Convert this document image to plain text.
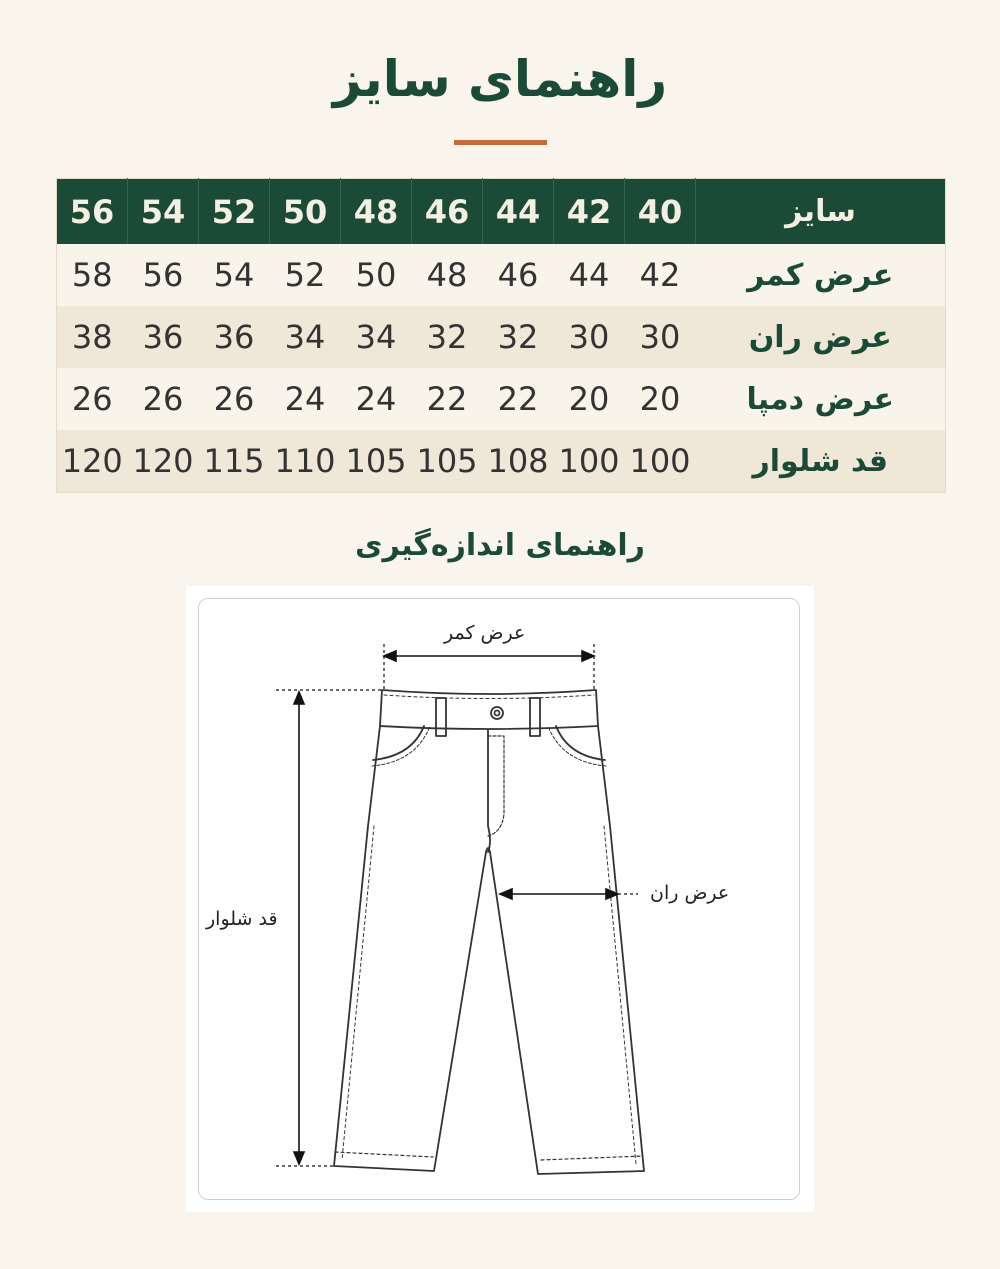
راهنمای سایز
56	54	52	50	48	46	44	42	40	سایز
58	56	54	52	50	48	46	44	42	عرض کمر
38	36	36	34	34	32	32	30	30	عرض ران
26	26	26	24	24	22	22	20	20	عرض دمپا
120	120	115	110	105	105	108	100	100	قد شلوار
راهنمای اندازه‌گیری
عرض کمر
عرض ران
قد شلوار
